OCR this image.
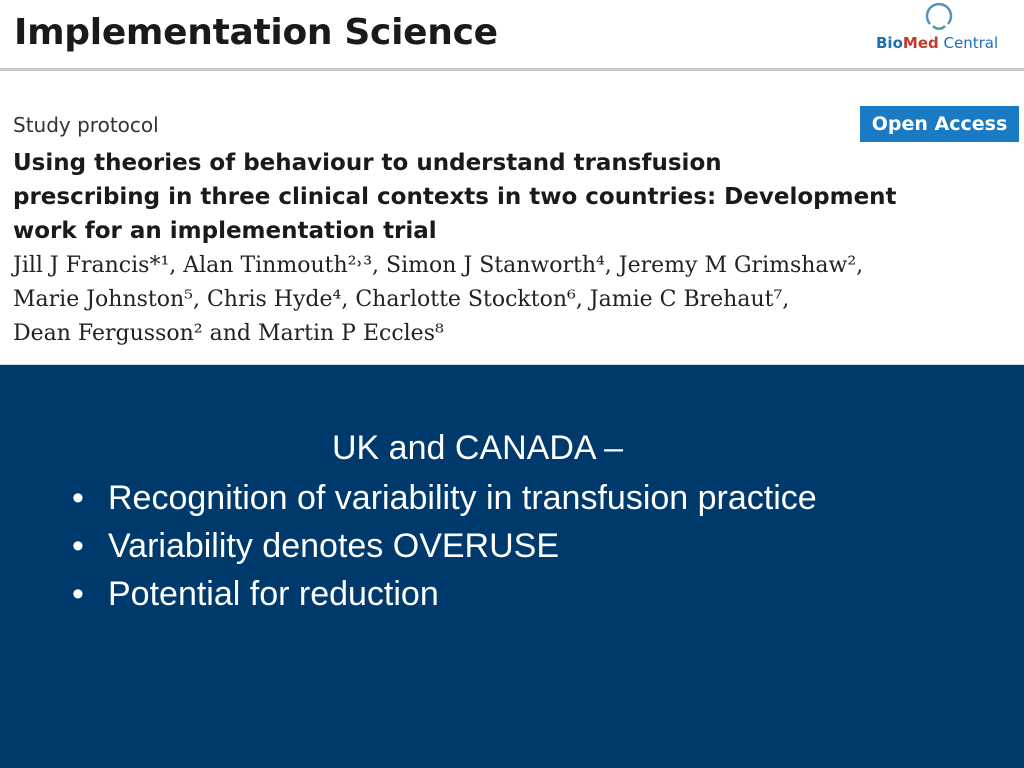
Implementation Science	BioMed Central
Study protocol	Open Access
Using theories of behaviour to understand transfusion
prescribing in three clinical contexts in two countries: Development
work for an implementation trial
Jill J Francis*¹, Alan Tinmouth²˒³, Simon J Stanworth⁴, Jeremy M Grimshaw²,
Marie Johnston⁵, Chris Hyde⁴, Charlotte Stockton⁶, Jamie C Brehaut⁷,
Dean Fergusson² and Martin P Eccles⁸
UK and CANADA –
• Recognition of variability in transfusion practice
• Variability denotes OVERUSE
• Potential for reduction
